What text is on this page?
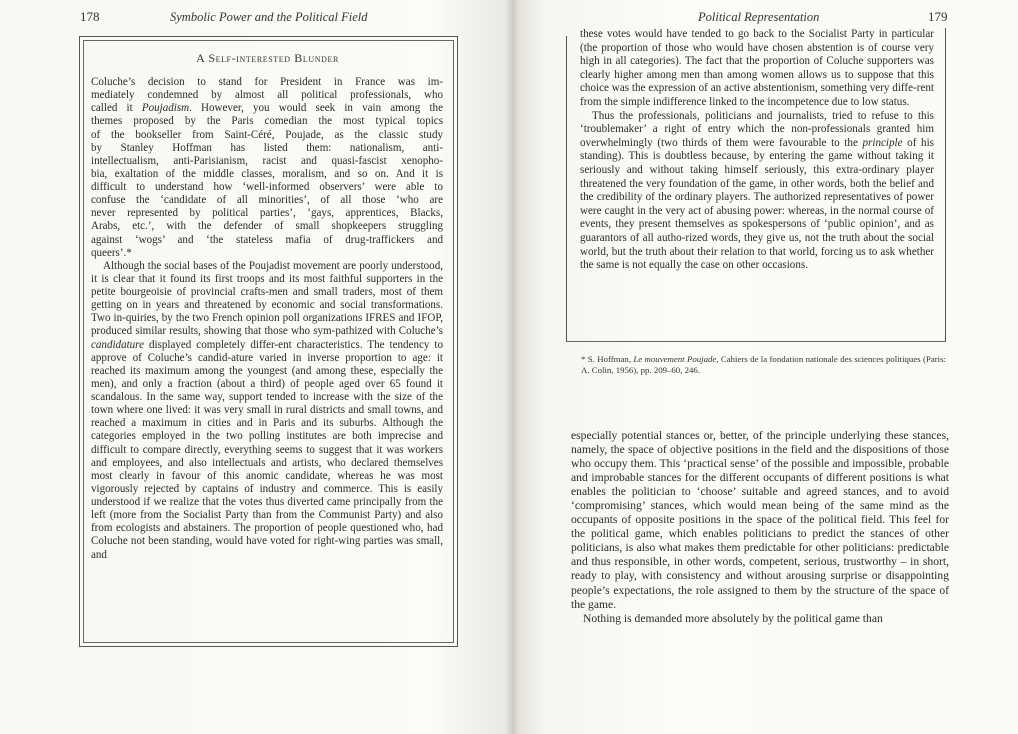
178	Symbolic Power and the Political Field
A Self-interested Blunder
Coluche’s decision to stand for President in France was im-
mediately condemned by almost all political professionals, who
called it Poujadism. However, you would seek in vain among the
themes proposed by the Paris comedian the most typical topics
of the bookseller from Saint-Céré, Poujade, as the classic study
by Stanley Hoffman has listed them: nationalism, anti-
intellectualism, anti-Parisianism, racist and quasi-fascist xenopho-
bia, exaltation of the middle classes, moralism, and so on. And it is
difficult to understand how ‘well-informed observers’ were able to
confuse the ‘candidate of all minorities’, of all those ‘who are
never represented by political parties’, ‘gays, apprentices, Blacks,
Arabs, etc.’, with the defender of small shopkeepers struggling
against ‘wogs’ and ‘the stateless mafia of drug-traffickers and
queers’.*

Although the social bases of the Poujadist movement are poorly understood, it is clear that it found its first troops and its most faithful supporters in the petite bourgeoisie of provincial crafts-men and small traders, most of them getting on in years and threatened by economic and social transformations. Two in-quiries, by the two French opinion poll organizations IFRES and IFOP, produced similar results, showing that those who sym-pathized with Coluche’s candidature displayed completely differ-ent characteristics. The tendency to approve of Coluche’s candid-ature varied in inverse proportion to age: it reached its maximum among the youngest (and among these, especially the men), and only a fraction (about a third) of people aged over 65 found it scandalous. In the same way, support tended to increase with the size of the town where one lived: it was very small in rural districts and small towns, and reached a maximum in cities and in Paris and its suburbs. Although the categories employed in the two polling institutes are both imprecise and difficult to compare directly, everything seems to suggest that it was workers and employees, and also intellectuals and artists, who declared themselves most clearly in favour of this anomic candidate, whereas he was most vigorously rejected by captains of industry and commerce. This is easily understood if we realize that the votes thus diverted came principally from the left (more from the Socialist Party than from the Communist Party) and also from ecologists and abstainers. The proportion of people questioned who, had Coluche not been standing, would have voted for right-wing parties was small, and

Political Representation	179

these votes would have tended to go back to the Socialist Party in particular (the proportion of those who would have chosen abstention is of course very high in all categories). The fact that the proportion of Coluche supporters was clearly higher among men than among women allows us to suppose that this choice was the expression of an active abstentionism, something very diffe-rent from the simple indifference linked to the incompetence due to low status.

Thus the professionals, politicians and journalists, tried to refuse to this ‘troublemaker’ a right of entry which the non-professionals granted him overwhelmingly (two thirds of them were favourable to the principle of his standing). This is doubtless because, by entering the game without taking it seriously and without taking himself seriously, this extra-ordinary player threatened the very foundation of the game, in other words, both the belief and the credibility of the ordinary players. The authorized representatives of power were caught in the very act of abusing power: whereas, in the normal course of events, they present themselves as spokespersons of ‘public opinion’, and as guarantors of all autho-rized words, they give us, not the truth about the social world, but the truth about their relation to that world, forcing us to ask whether the same is not equally the case on other occasions.

* S. Hoffman, Le mouvement Poujade, Cahiers de la fondation nationale des sciences politiques (Paris: A. Colin, 1956), pp. 209–60, 246.

especially potential stances or, better, of the principle underlying these stances, namely, the space of objective positions in the field and the dispositions of those who occupy them. This ‘practical sense’ of the possible and impossible, probable and improbable stances for the different occupants of different positions is what enables the politician to ‘choose’ suitable and agreed stances, and to avoid ‘compromising’ stances, which would mean being of the same mind as the occupants of opposite positions in the space of the political field. This feel for the political game, which enables politicians to predict the stances of other politicians, is also what makes them predictable for other politicians: predictable and thus responsible, in other words, competent, serious, trustworthy – in short, ready to play, with consistency and without arousing surprise or disappointing people’s expectations, the role assigned to them by the structure of the space of the game.

Nothing is demanded more absolutely by the political game than
